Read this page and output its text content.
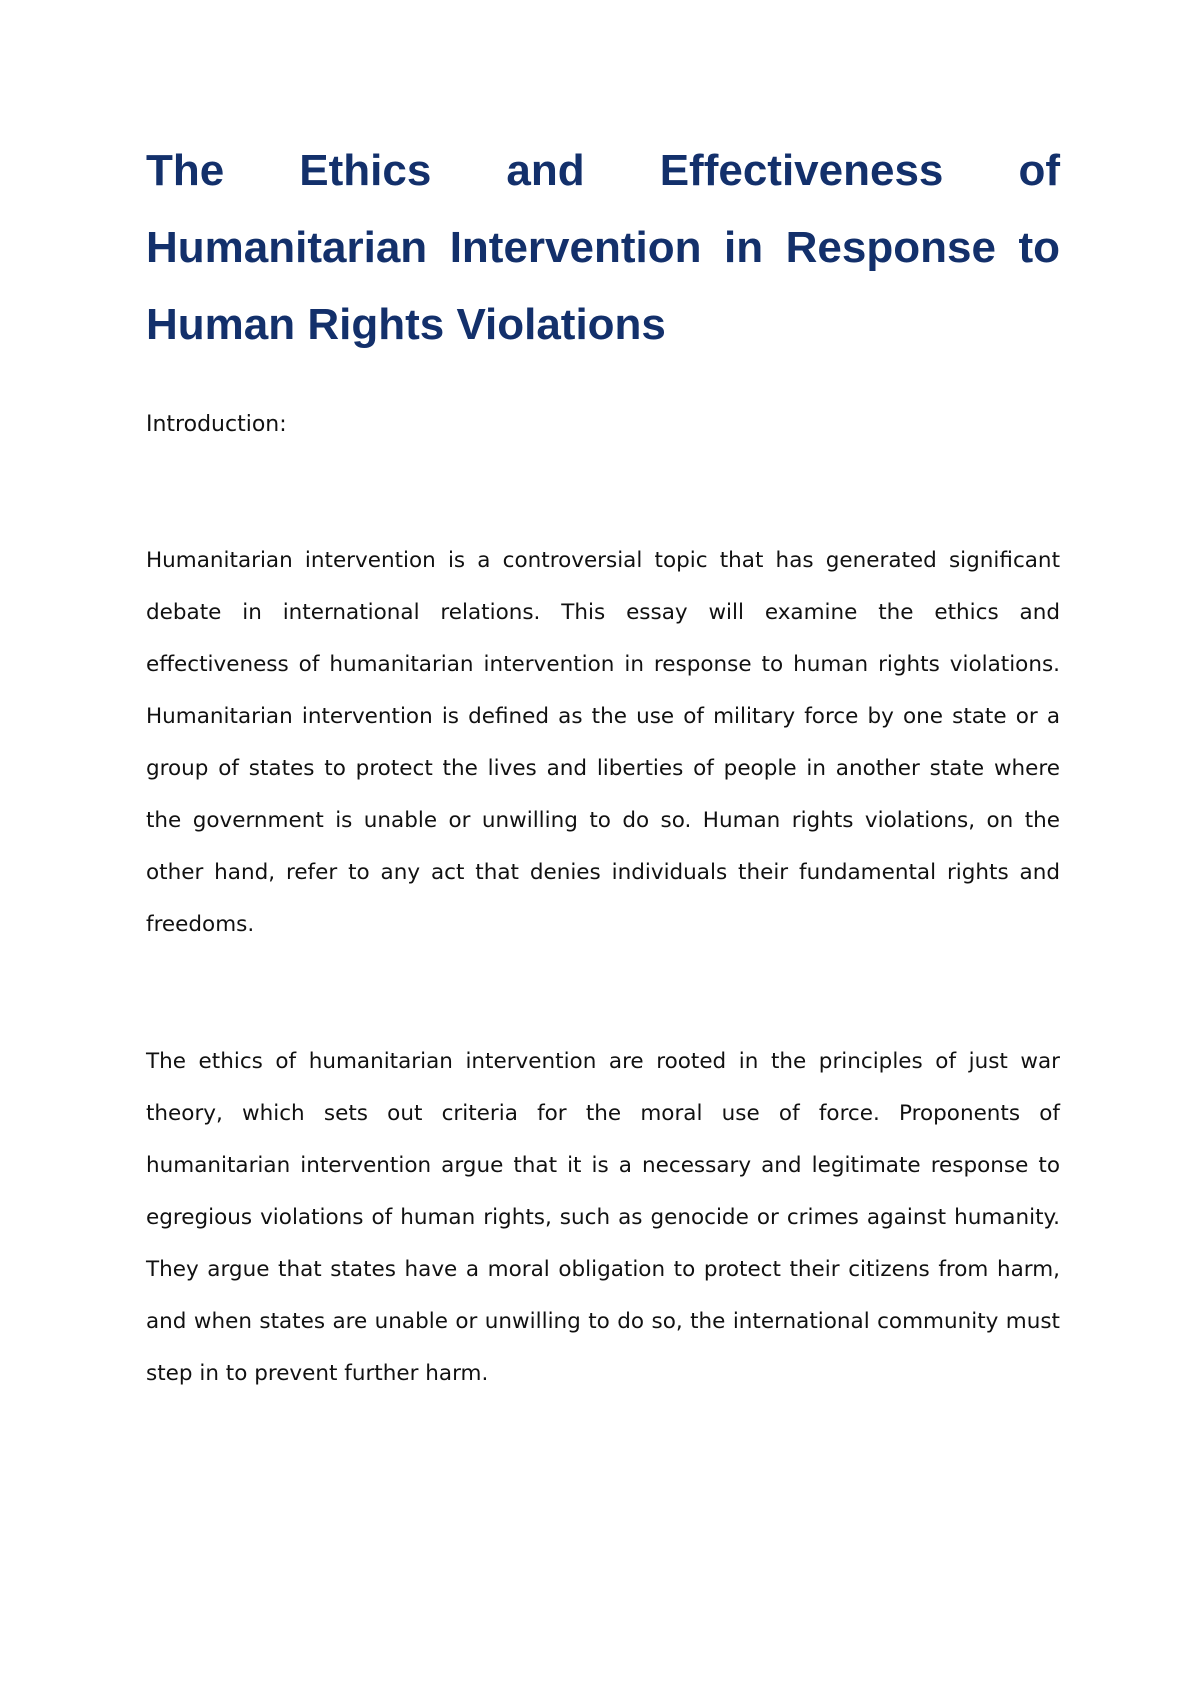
The Ethics and Effectiveness of Humanitarian Intervention in Response to Human Rights Violations

Introduction:

Humanitarian intervention is a controversial topic that has generated significant debate in international relations. This essay will examine the ethics and effectiveness of humanitarian intervention in response to human rights violations. Humanitarian intervention is defined as the use of military force by one state or a group of states to protect the lives and liberties of people in another state where the government is unable or unwilling to do so. Human rights violations, on the other hand, refer to any act that denies individuals their fundamental rights and freedoms.

The ethics of humanitarian intervention are rooted in the principles of just war theory, which sets out criteria for the moral use of force. Proponents of humanitarian intervention argue that it is a necessary and legitimate response to egregious violations of human rights, such as genocide or crimes against humanity. They argue that states have a moral obligation to protect their citizens from harm, and when states are unable or unwilling to do so, the international community must step in to prevent further harm.
